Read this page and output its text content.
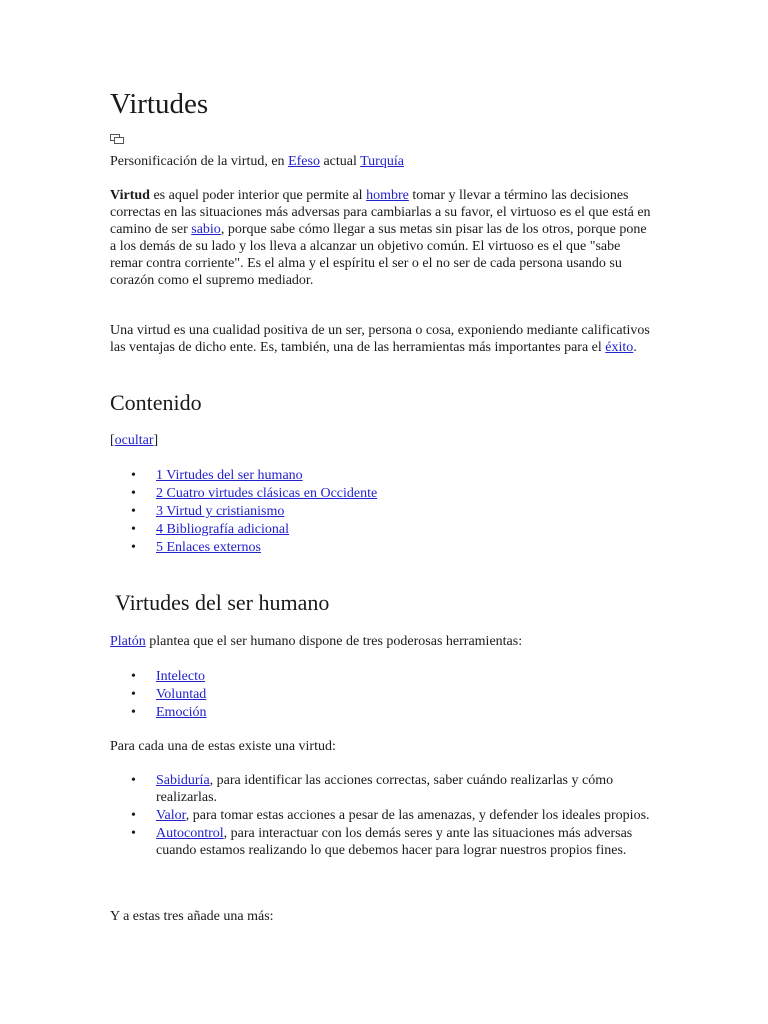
Virtudes

Personificación de la virtud, en Efeso actual Turquía

Virtud es aquel poder interior que permite al hombre tomar y llevar a término las decisiones correctas en las situaciones más adversas para cambiarlas a su favor, el virtuoso es el que está en camino de ser sabio, porque sabe cómo llegar a sus metas sin pisar las de los otros, porque pone a los demás de su lado y los lleva a alcanzar un objetivo común. El virtuoso es el que "sabe remar contra corriente". Es el alma y el espíritu el ser o el no ser de cada persona usando su corazón como el supremo mediador.

Una virtud es una cualidad positiva de un ser, persona o cosa, exponiendo mediante calificativos las ventajas de dicho ente. Es, también, una de las herramientas más importantes para el éxito.

Contenido
[ocultar]
• 1 Virtudes del ser humano
• 2 Cuatro virtudes clásicas en Occidente
• 3 Virtud y cristianismo
• 4 Bibliografía adicional
• 5 Enlaces externos
Virtudes del ser humano

Platón plantea que el ser humano dispone de tres poderosas herramientas:

• Intelecto
• Voluntad
• Emoción

Para cada una de estas existe una virtud:

• Sabiduría, para identificar las acciones correctas, saber cuándo realizarlas y cómo realizarlas.
• Valor, para tomar estas acciones a pesar de las amenazas, y defender los ideales propios.
• Autocontrol, para interactuar con los demás seres y ante las situaciones más adversas cuando estamos realizando lo que debemos hacer para lograr nuestros propios fines.

Y a estas tres añade una más:
